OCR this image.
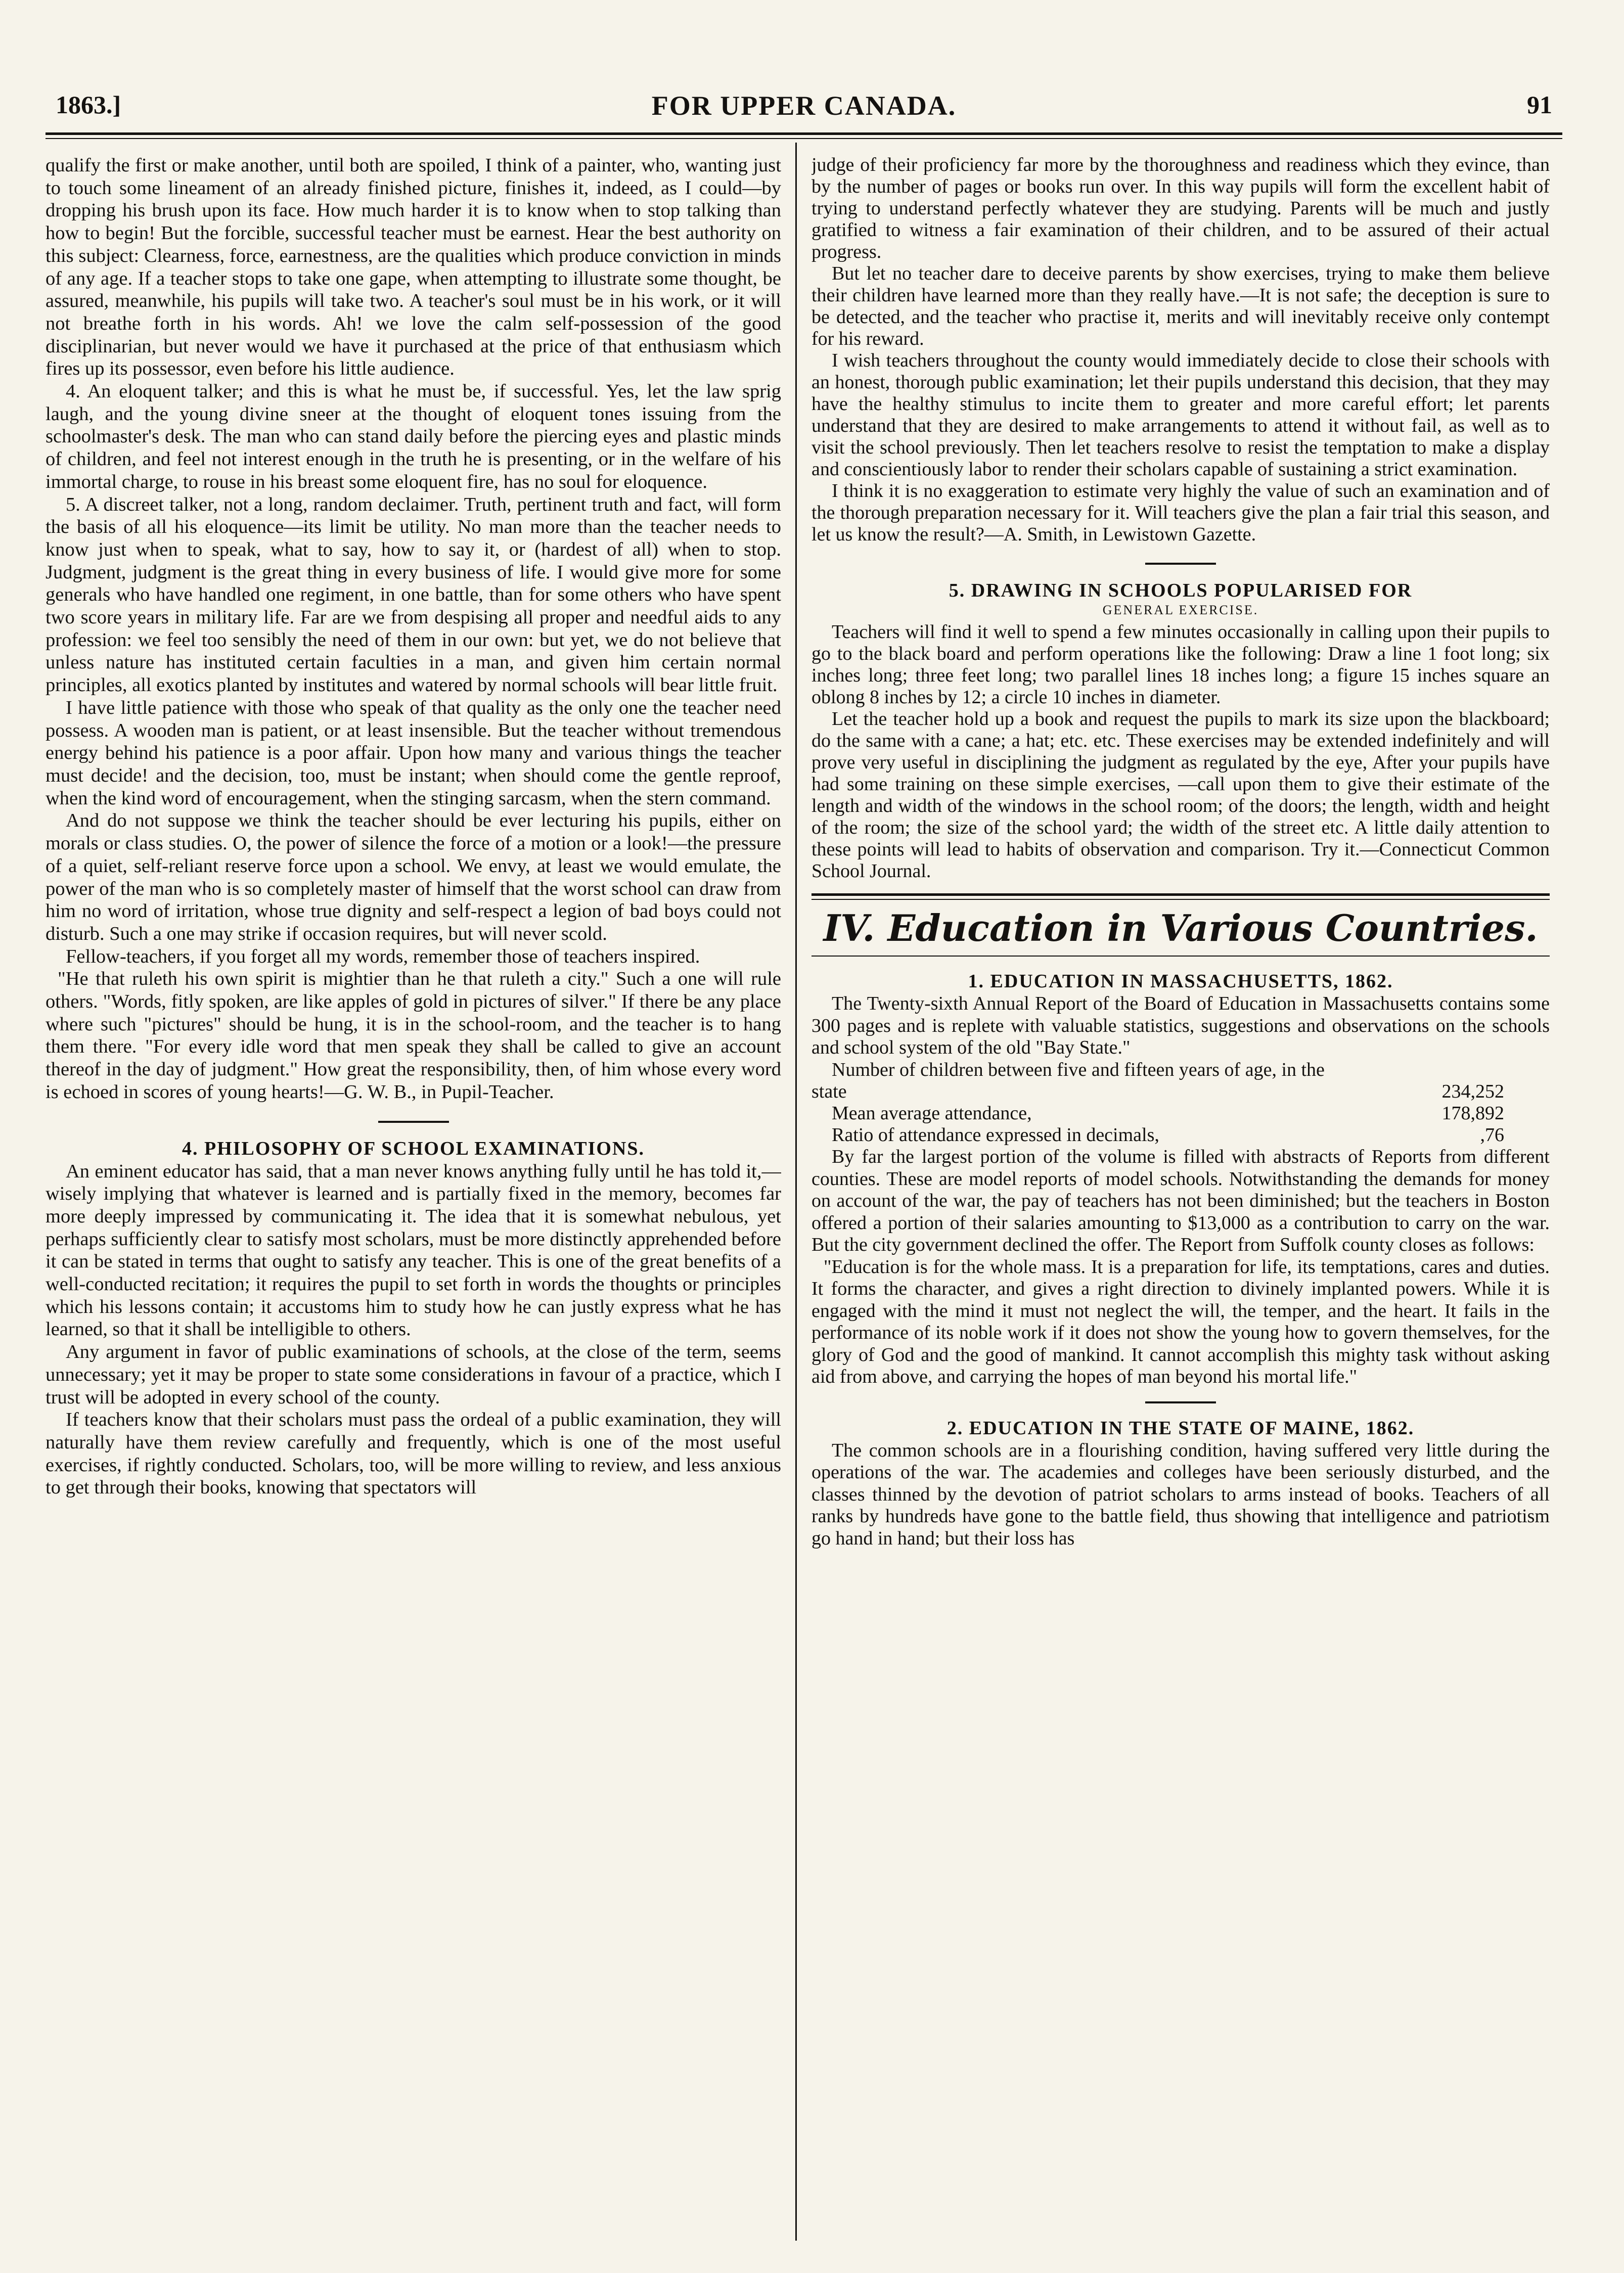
1863.]	FOR UPPER CANADA.	91

qualify the first or make another, until both are spoiled, I think of a painter, who, wanting just to touch some lineament of an already finished picture, finishes it, indeed, as I could—by dropping his brush upon its face. How much harder it is to know when to stop talking than how to begin! But the forcible, successful teacher must be earnest. Hear the best authority on this subject: Clearness, force, earnestness, are the qualities which produce conviction in minds of any age. If a teacher stops to take one gape, when attempting to illustrate some thought, be assured, meanwhile, his pupils will take two. A teacher's soul must be in his work, or it will not breathe forth in his words. Ah! we love the calm self-possession of the good disciplinarian, but never would we have it purchased at the price of that enthusiasm which fires up its possessor, even before his little audience.

4. An eloquent talker; and this is what he must be, if successful. Yes, let the law sprig laugh, and the young divine sneer at the thought of eloquent tones issuing from the schoolmaster's desk. The man who can stand daily before the piercing eyes and plastic minds of children, and feel not interest enough in the truth he is presenting, or in the welfare of his immortal charge, to rouse in his breast some eloquent fire, has no soul for eloquence.

5. A discreet talker, not a long, random declaimer. Truth, pertinent truth and fact, will form the basis of all his eloquence—its limit be utility. No man more than the teacher needs to know just when to speak, what to say, how to say it, or (hardest of all) when to stop. Judgment, judgment is the great thing in every business of life. I would give more for some generals who have handled one regiment, in one battle, than for some others who have spent two score years in military life. Far are we from despising all proper and needful aids to any profession: we feel too sensibly the need of them in our own: but yet, we do not believe that unless nature has instituted certain faculties in a man, and given him certain normal principles, all exotics planted by institutes and watered by normal schools will bear little fruit.

I have little patience with those who speak of that quality as the only one the teacher need possess. A wooden man is patient, or at least insensible. But the teacher without tremendous energy behind his patience is a poor affair. Upon how many and various things the teacher must decide! and the decision, too, must be instant; when should come the gentle reproof, when the kind word of encouragement, when the stinging sarcasm, when the stern command.

And do not suppose we think the teacher should be ever lecturing his pupils, either on morals or class studies. O, the power of silence the force of a motion or a look!—the pressure of a quiet, self-reliant reserve force upon a school. We envy, at least we would emulate, the power of the man who is so completely master of himself that the worst school can draw from him no word of irritation, whose true dignity and self-respect a legion of bad boys could not disturb. Such a one may strike if occasion requires, but will never scold.

Fellow-teachers, if you forget all my words, remember those of teachers inspired.

"He that ruleth his own spirit is mightier than he that ruleth a city." Such a one will rule others. "Words, fitly spoken, are like apples of gold in pictures of silver." If there be any place where such "pictures" should be hung, it is in the school-room, and the teacher is to hang them there. "For every idle word that men speak they shall be called to give an account thereof in the day of judgment." How great the responsibility, then, of him whose every word is echoed in scores of young hearts!—G. W. B., in Pupil-Teacher.

4. PHILOSOPHY OF SCHOOL EXAMINATIONS.

An eminent educator has said, that a man never knows anything fully until he has told it,—wisely implying that whatever is learned and is partially fixed in the memory, becomes far more deeply impressed by communicating it. The idea that it is somewhat nebulous, yet perhaps sufficiently clear to satisfy most scholars, must be more distinctly apprehended before it can be stated in terms that ought to satisfy any teacher. This is one of the great benefits of a well-conducted recitation; it requires the pupil to set forth in words the thoughts or principles which his lessons contain; it accustoms him to study how he can justly express what he has learned, so that it shall be intelligible to others.

Any argument in favor of public examinations of schools, at the close of the term, seems unnecessary; yet it may be proper to state some considerations in favour of a practice, which I trust will be adopted in every school of the county.

If teachers know that their scholars must pass the ordeal of a public examination, they will naturally have them review carefully and frequently, which is one of the most useful exercises, if rightly conducted. Scholars, too, will be more willing to review, and less anxious to get through their books, knowing that spectators will

judge of their proficiency far more by the thoroughness and readiness which they evince, than by the number of pages or books run over. In this way pupils will form the excellent habit of trying to understand perfectly whatever they are studying. Parents will be much and justly gratified to witness a fair examination of their children, and to be assured of their actual progress.

But let no teacher dare to deceive parents by show exercises, trying to make them believe their children have learned more than they really have.—It is not safe; the deception is sure to be detected, and the teacher who practise it, merits and will inevitably receive only contempt for his reward.

I wish teachers throughout the county would immediately decide to close their schools with an honest, thorough public examination; let their pupils understand this decision, that they may have the healthy stimulus to incite them to greater and more careful effort; let parents understand that they are desired to make arrangements to attend it without fail, as well as to visit the school previously. Then let teachers resolve to resist the temptation to make a display and conscientiously labor to render their scholars capable of sustaining a strict examination.

I think it is no exaggeration to estimate very highly the value of such an examination and of the thorough preparation necessary for it. Will teachers give the plan a fair trial this season, and let us know the result?—A. Smith, in Lewistown Gazette.

5. DRAWING IN SCHOOLS POPULARISED FOR
GENERAL EXERCISE.

Teachers will find it well to spend a few minutes occasionally in calling upon their pupils to go to the black board and perform operations like the following: Draw a line 1 foot long; six inches long; three feet long; two parallel lines 18 inches long; a figure 15 inches square an oblong 8 inches by 12; a circle 10 inches in diameter.

Let the teacher hold up a book and request the pupils to mark its size upon the blackboard; do the same with a cane; a hat; etc. etc. These exercises may be extended indefinitely and will prove very useful in disciplining the judgment as regulated by the eye, After your pupils have had some training on these simple exercises, —call upon them to give their estimate of the length and width of the windows in the school room; of the doors; the length, width and height of the room; the size of the school yard; the width of the street etc. A little daily attention to these points will lead to habits of observation and comparison. Try it.—Connecticut Common School Journal.

IV. Education in Various Countries.
1. EDUCATION IN MASSACHUSETTS, 1862.

The Twenty-sixth Annual Report of the Board of Education in Massachusetts contains some 300 pages and is replete with valuable statistics, suggestions and observations on the schools and school system of the old "Bay State."

Number of children between five and fifteen years of age, in the

state	234,252
Mean average attendance,	178,892
Ratio of attendance expressed in decimals,	,76

By far the largest portion of the volume is filled with abstracts of Reports from different counties. These are model reports of model schools. Notwithstanding the demands for money on account of the war, the pay of teachers has not been diminished; but the teachers in Boston offered a portion of their salaries amounting to $13,000 as a contribution to carry on the war. But the city government declined the offer. The Report from Suffolk county closes as follows:

"Education is for the whole mass. It is a preparation for life, its temptations, cares and duties. It forms the character, and gives a right direction to divinely implanted powers. While it is engaged with the mind it must not neglect the will, the temper, and the heart. It fails in the performance of its noble work if it does not show the young how to govern themselves, for the glory of God and the good of mankind. It cannot accomplish this mighty task without asking aid from above, and carrying the hopes of man beyond his mortal life."

2. EDUCATION IN THE STATE OF MAINE, 1862.

The common schools are in a flourishing condition, having suffered very little during the operations of the war. The academies and colleges have been seriously disturbed, and the classes thinned by the devotion of patriot scholars to arms instead of books. Teachers of all ranks by hundreds have gone to the battle field, thus showing that intelligence and patriotism go hand in hand; but their loss has
